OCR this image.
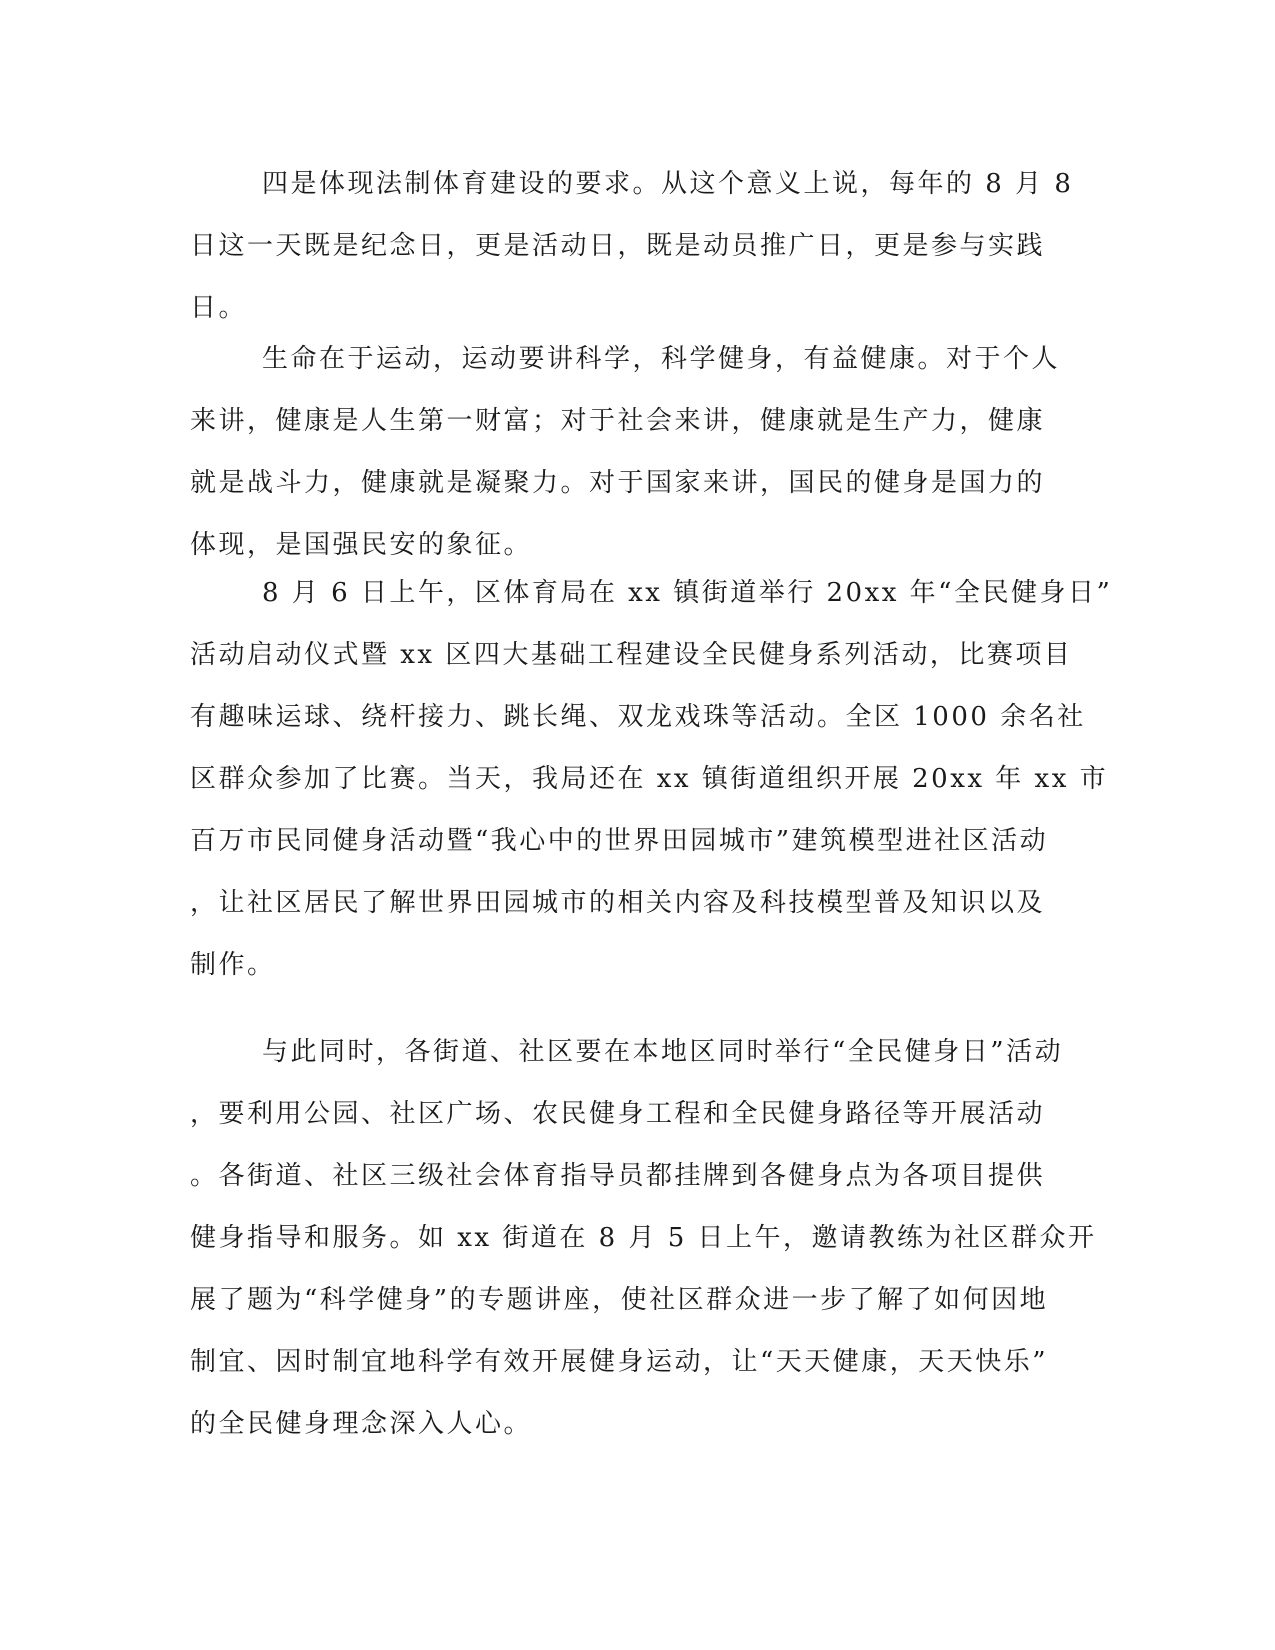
四是体现法制体育建设的要求。从这个意义上说，每年的 8 月 8
日这一天既是纪念日，更是活动日，既是动员推广日，更是参与实践
日。
生命在于运动，运动要讲科学，科学健身，有益健康。对于个人
来讲，健康是人生第一财富；对于社会来讲，健康就是生产力，健康
就是战斗力，健康就是凝聚力。对于国家来讲，国民的健身是国力的
体现，是国强民安的象征。
8 月 6 日上午，区体育局在 xx 镇街道举行 20xx 年“全民健身日”
活动启动仪式暨 xx 区四大基础工程建设全民健身系列活动，比赛项目
有趣味运球、绕杆接力、跳长绳、双龙戏珠等活动。全区 1000 余名社
区群众参加了比赛。当天，我局还在 xx 镇街道组织开展 20xx 年 xx 市
百万市民同健身活动暨“我心中的世界田园城市”建筑模型进社区活动
，让社区居民了解世界田园城市的相关内容及科技模型普及知识以及
制作。
与此同时，各街道、社区要在本地区同时举行“全民健身日”活动
，要利用公园、社区广场、农民健身工程和全民健身路径等开展活动
。各街道、社区三级社会体育指导员都挂牌到各健身点为各项目提供
健身指导和服务。如 xx 街道在 8 月 5 日上午，邀请教练为社区群众开
展了题为“科学健身”的专题讲座，使社区群众进一步了解了如何因地
制宜、因时制宜地科学有效开展健身运动，让“天天健康，天天快乐”
的全民健身理念深入人心。
